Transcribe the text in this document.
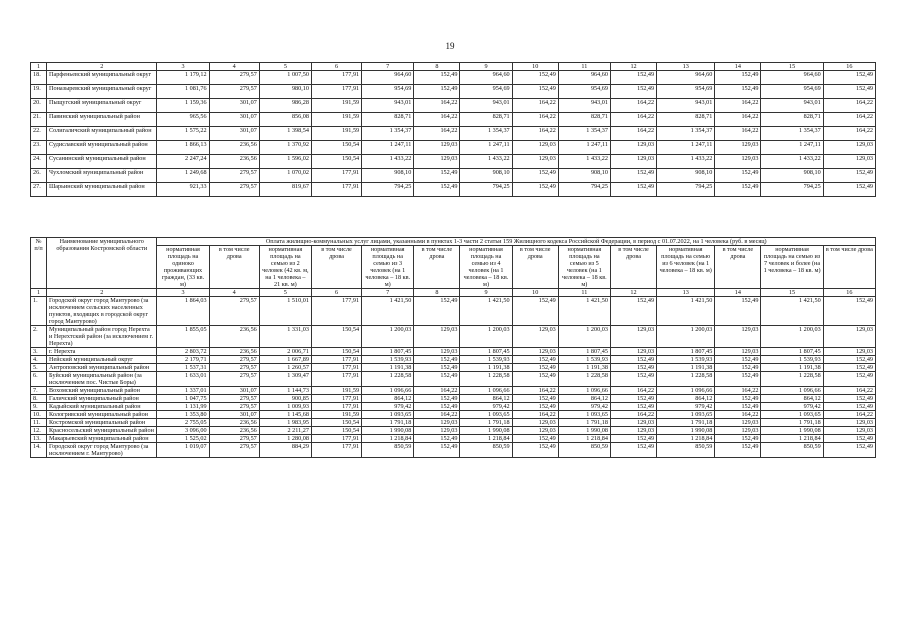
19
1	2	3	4	5	6	7	8	9	10	11	12	13	14	15	16
18.	Парфеньевский муниципальный округ	1 179,12	279,57	1 007,50	177,91	964,60	152,49	964,60	152,49	964,60	152,49	964,60	152,49	964,60	152,49
19.	Поназыревский муниципальный округ	1 081,76	279,57	980,10	177,91	954,69	152,49	954,69	152,49	954,69	152,49	954,69	152,49	954,69	152,49
20.	Пыщугский муниципальный округ	1 159,36	301,07	986,28	191,59	943,01	164,22	943,01	164,22	943,01	164,22	943,01	164,22	943,01	164,22
21.	Павинский муниципальный район	965,56	301,07	856,08	191,59	828,71	164,22	828,71	164,22	828,71	164,22	828,71	164,22	828,71	164,22
22.	Солигаличский муниципальный район	1 575,22	301,07	1 398,54	191,59	1 354,37	164,22	1 354,37	164,22	1 354,37	164,22	1 354,37	164,22	1 354,37	164,22
23.	Судиславский муниципальный район	1 866,13	236,56	1 370,92	150,54	1 247,11	129,03	1 247,11	129,03	1 247,11	129,03	1 247,11	129,03	1 247,11	129,03
24.	Сусанинский муниципальный район	2 247,24	236,56	1 596,02	150,54	1 433,22	129,03	1 433,22	129,03	1 433,22	129,03	1 433,22	129,03	1 433,22	129,03
26.	Чухломский муниципальный район	1 249,68	279,57	1 070,02	177,91	908,10	152,49	908,10	152,49	908,10	152,49	908,10	152,49	908,10	152,49
27.	Шарьинский муниципальный район	921,33	279,57	819,67	177,91	794,25	152,49	794,25	152,49	794,25	152,49	794,25	152,49	794,25	152,49
№ п/п	Наименование муниципального образования Костромской области	Оплата жилищно-коммунальных услуг лицами, указанными в пунктах 1-3 части 2 статьи 159 Жилищного кодекса Российской Федерации, в период с 01.07.2022, на 1 человека (руб. в месяц)													
		нормативная площадь на одиноко проживающих граждан, (33 кв. м)	в том числе дрова	нормативная площадь на семью из 2 человек (42 кв. м, на 1 человека – 21 кв. м)	в том числе дрова	нормативная площадь на семью из 3 человек (на 1 человека – 18 кв. м)	в том числе дрова	нормативная площадь на семью из 4 человек (на 1 человека – 18 кв. м)	в том числе дрова	нормативная площадь на семью из 5 человек (на 1 человека – 18 кв. м)	в том числе дрова	нормативная площадь на семью из 6 человек (на 1 человека – 18 кв. м)	в том числе дрова	нормативная площадь на семью из 7 человек и более (на 1 человека – 18 кв. м)	в том числе дрова
1	2	3	4	5	6	7	8	9	10	11	12	13	14	15	16
1.	Городской округ город Мантурово (за исключением сельских населенных пунктов, входящих в городской округ город Мантурово)	1 864,03	279,57	1 510,01	177,91	1 421,50	152,49	1 421,50	152,49	1 421,50	152,49	1 421,50	152,49	1 421,50	152,49
2.	Муниципальный район город Нерехта и Нерехтский район (за исключением г. Нерехта)	1 855,05	236,56	1 331,03	150,54	1 200,03	129,03	1 200,03	129,03	1 200,03	129,03	1 200,03	129,03	1 200,03	129,03
3.	г. Нерехта	2 803,72	236,56	2 006,71	150,54	1 807,45	129,03	1 807,45	129,03	1 807,45	129,03	1 807,45	129,03	1 807,45	129,03
4.	Нейский муниципальный округ	2 179,71	279,57	1 667,89	177,91	1 539,93	152,49	1 539,93	152,49	1 539,93	152,49	1 539,93	152,49	1 539,93	152,49
5.	Антроповский муниципальный район	1 537,31	279,57	1 260,57	177,91	1 191,38	152,49	1 191,38	152,49	1 191,38	152,49	1 191,38	152,49	1 191,38	152,49
6.	Буйский муниципальный район (за исключением пос. Чистые Боры)	1 633,01	279,57	1 309,47	177,91	1 228,58	152,49	1 228,58	152,49	1 228,58	152,49	1 228,58	152,49	1 228,58	152,49
7.	Вохомский муниципальный район	1 337,01	301,07	1 144,73	191,59	1 096,66	164,22	1 096,66	164,22	1 096,66	164,22	1 096,66	164,22	1 096,66	164,22
8.	Галичский муниципальный район	1 047,75	279,57	900,85	177,91	864,12	152,49	864,12	152,49	864,12	152,49	864,12	152,49	864,12	152,49
9.	Кадыйский муниципальный район	1 131,99	279,57	1 009,93	177,91	979,42	152,49	979,42	152,49	979,42	152,49	979,42	152,49	979,42	152,49
10.	Кологривский муниципальный район	1 353,80	301,07	1 145,68	191,59	1 093,65	164,22	1 093,65	164,22	1 093,65	164,22	1 093,65	164,22	1 093,65	164,22
11.	Костромской муниципальный район	2 755,05	236,56	1 983,95	150,54	1 791,18	129,03	1 791,18	129,03	1 791,18	129,03	1 791,18	129,03	1 791,18	129,03
12.	Красносельский муниципальный район	3 096,00	236,56	2 211,27	150,54	1 990,08	129,03	1 990,08	129,03	1 990,08	129,03	1 990,08	129,03	1 990,08	129,03
13.	Макарьевский муниципальный район	1 525,02	279,57	1 280,08	177,91	1 218,84	152,49	1 218,84	152,49	1 218,84	152,49	1 218,84	152,49	1 218,84	152,49
14.	Городской округ город Мантурово (за исключением г. Мантурово)	1 019,07	279,57	884,29	177,91	850,59	152,49	850,59	152,49	850,59	152,49	850,59	152,49	850,59	152,49
